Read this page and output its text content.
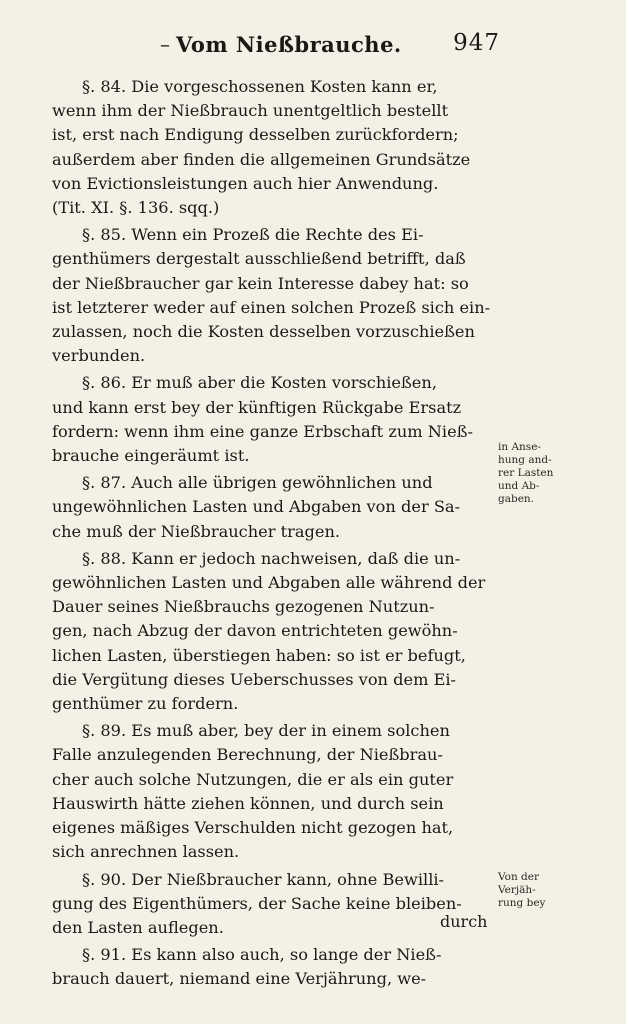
– Vom Nießbrauche. 947
§. 84. Die vorgeschossenen Kosten kann er,
wenn ihm der Nießbrauch unentgeltlich bestellt
ist, erst nach Endigung desselben zurückfordern;
außerdem aber finden die allgemeinen Grundsätze
von Evictionsleistungen auch hier Anwendung.
(Tit. XI. §. 136. sqq.)
§. 85. Wenn ein Prozeß die Rechte des Ei-
genthümers dergestalt ausschließend betrifft, daß
der Nießbraucher gar kein Interesse dabey hat: so
ist letzterer weder auf einen solchen Prozeß sich ein-
zulassen, noch die Kosten desselben vorzuschießen
verbunden.
§. 86. Er muß aber die Kosten vorschießen,
und kann erst bey der künftigen Rückgabe Ersatz
fordern: wenn ihm eine ganze Erbschaft zum Nieß-
brauche eingeräumt ist.
§. 87. Auch alle übrigen gewöhnlichen und
ungewöhnlichen Lasten und Abgaben von der Sa-
che muß der Nießbraucher tragen.
§. 88. Kann er jedoch nachweisen, daß die un-
gewöhnlichen Lasten und Abgaben alle während der
Dauer seines Nießbrauchs gezogenen Nutzun-
gen, nach Abzug der davon entrichteten gewöhn-
lichen Lasten, überstiegen haben: so ist er befugt,
die Vergütung dieses Ueberschusses von dem Ei-
genthümer zu fordern.
§. 89. Es muß aber, bey der in einem solchen
Falle anzulegenden Berechnung, der Nießbrau-
cher auch solche Nutzungen, die er als ein guter
Hauswirth hätte ziehen können, und durch sein
eigenes mäßiges Verschulden nicht gezogen hat,
sich anrechnen lassen.
§. 90. Der Nießbraucher kann, ohne Bewilli-
gung des Eigenthümers, der Sache keine bleiben-
den Lasten auflegen.
§. 91. Es kann also auch, so lange der Nieß-
brauch dauert, niemand eine Verjährung, we-
in Anse-
hung and-
rer Lasten
und Ab-
gaben.
Von der
Verjäh-
rung bey
durch
